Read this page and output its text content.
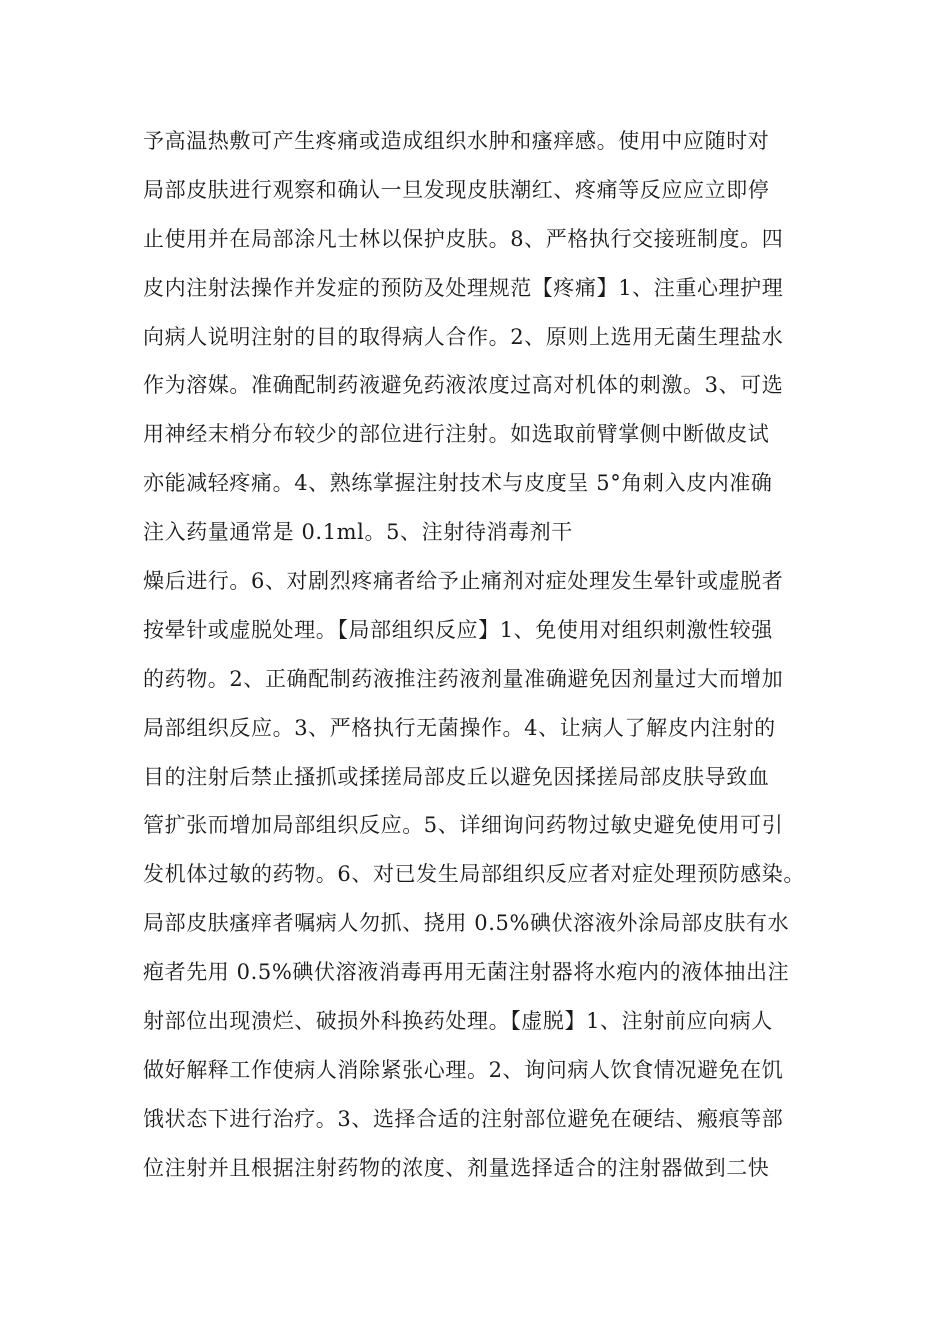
予高温热敷可产生疼痛或造成组织水肿和瘙痒感。使用中应随时对
局部皮肤进行观察和确认一旦发现皮肤潮红、疼痛等反应应立即停
止使用并在局部涂凡士林以保护皮肤。8、严格执行交接班制度。四
皮内注射法操作并发症的预防及处理规范【疼痛】1、注重心理护理
向病人说明注射的目的取得病人合作。2、原则上选用无菌生理盐水
作为溶媒。准确配制药液避免药液浓度过高对机体的刺激。3、可选
用神经末梢分布较少的部位进行注射。如选取前臂掌侧中断做皮试
亦能减轻疼痛。4、熟练掌握注射技术与皮度呈 5°角刺入皮内准确
注入药量通常是 0.1ml。5、注射待消毒剂干
燥后进行。6、对剧烈疼痛者给予止痛剂对症处理发生晕针或虚脱者
按晕针或虚脱处理。【局部组织反应】1、免使用对组织刺激性较强
的药物。2、正确配制药液推注药液剂量准确避免因剂量过大而增加
局部组织反应。3、严格执行无菌操作。4、让病人了解皮内注射的
目的注射后禁止搔抓或揉搓局部皮丘以避免因揉搓局部皮肤导致血
管扩张而增加局部组织反应。5、详细询问药物过敏史避免使用可引
发机体过敏的药物。6、对已发生局部组织反应者对症处理预防感染。
局部皮肤瘙痒者嘱病人勿抓、挠用 0.5%碘伏溶液外涂局部皮肤有水
疱者先用 0.5%碘伏溶液消毒再用无菌注射器将水疱内的液体抽出注
射部位出现溃烂、破损外科换药处理。【虚脱】1、注射前应向病人
做好解释工作使病人消除紧张心理。2、询问病人饮食情况避免在饥
饿状态下进行治疗。3、选择合适的注射部位避免在硬结、瘢痕等部
位注射并且根据注射药物的浓度、剂量选择适合的注射器做到二快
